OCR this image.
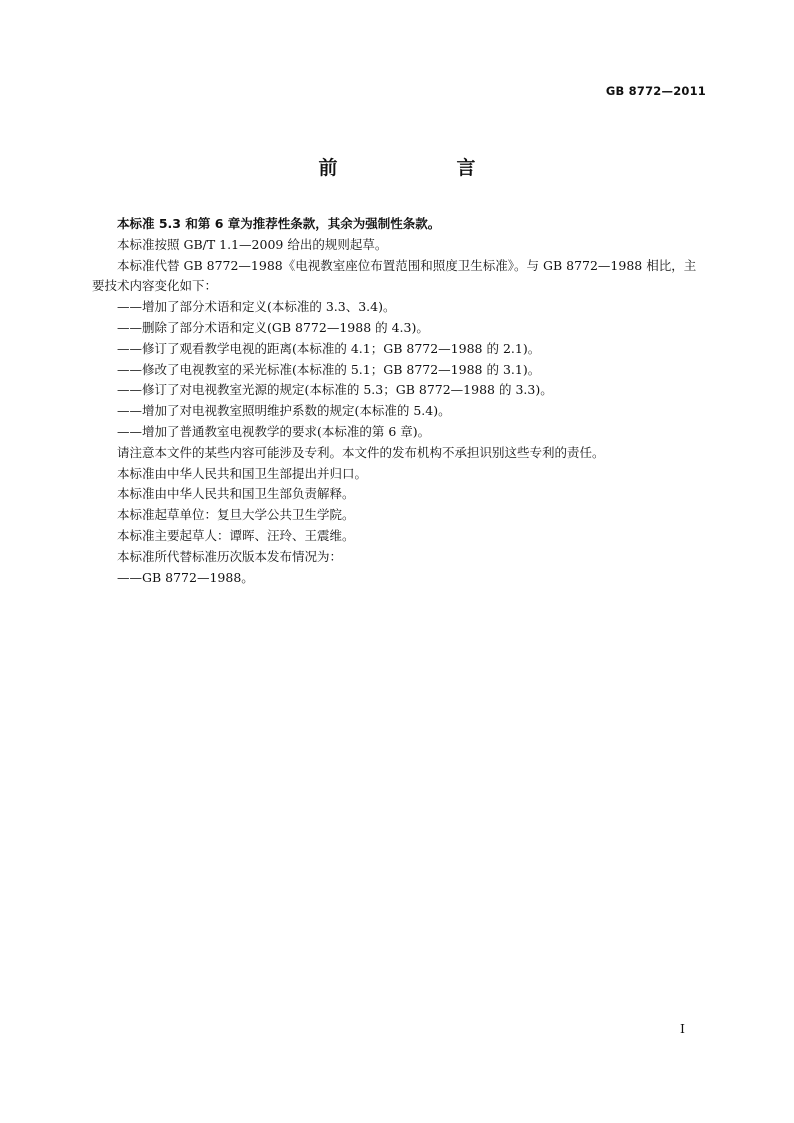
GB 8772—2011
前　言

本标准 5.3 和第 6 章为推荐性条款，其余为强制性条款。

本标准按照 GB/T 1.1—2009 给出的规则起草。

本标准代替 GB 8772—1988《电视教室座位布置范围和照度卫生标准》。与 GB 8772—1988 相比，主要技术内容变化如下：

——增加了部分术语和定义(本标准的 3.3、3.4)。

——删除了部分术语和定义(GB 8772—1988 的 4.3)。

——修订了观看教学电视的距离(本标准的 4.1；GB 8772—1988 的 2.1)。

——修改了电视教室的采光标准(本标准的 5.1；GB 8772—1988 的 3.1)。

——修订了对电视教室光源的规定(本标准的 5.3；GB 8772—1988 的 3.3)。

——增加了对电视教室照明维护系数的规定(本标准的 5.4)。

——增加了普通教室电视教学的要求(本标准的第 6 章)。

请注意本文件的某些内容可能涉及专利。本文件的发布机构不承担识别这些专利的责任。

本标准由中华人民共和国卫生部提出并归口。

本标准由中华人民共和国卫生部负责解释。

本标准起草单位：复旦大学公共卫生学院。

本标准主要起草人：谭晖、汪玲、王震维。

本标准所代替标准历次版本发布情况为：

——GB 8772—1988。

I
